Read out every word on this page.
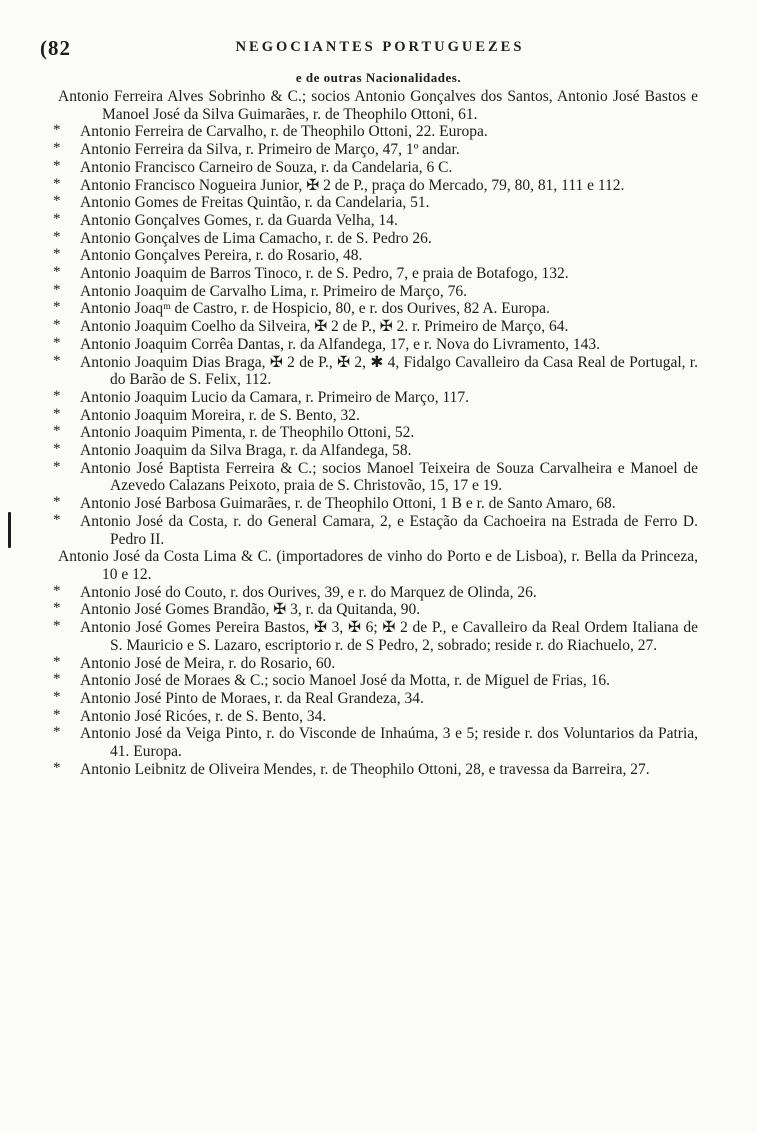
(82	NEGOCIANTES PORTUGUEZES
e de outras Nacionalidades.

Antonio Ferreira Alves Sobrinho & C.; socios Antonio Gonçalves dos Santos, Antonio José Bastos e Manoel José da Silva Guimarães, r. de Theophilo Ottoni, 61.

*	Antonio Ferreira de Carvalho, r. de Theophilo Ottoni, 22. Europa.

*	Antonio Ferreira da Silva, r. Primeiro de Março, 47, 1º andar.

*	Antonio Francisco Carneiro de Souza, r. da Candelaria, 6 C.

*	Antonio Francisco Nogueira Junior, ✠ 2 de P., praça do Mercado, 79, 80, 81, 111 e 112.

*	Antonio Gomes de Freitas Quintão, r. da Candelaria, 51.

*	Antonio Gonçalves Gomes, r. da Guarda Velha, 14.

*	Antonio Gonçalves de Lima Camacho, r. de S. Pedro 26.

*	Antonio Gonçalves Pereira, r. do Rosario, 48.

*	Antonio Joaquim de Barros Tinoco, r. de S. Pedro, 7, e praia de Botafogo, 132.

*	Antonio Joaquim de Carvalho Lima, r. Primeiro de Março, 76.

*	Antonio Joaqᵐ de Castro, r. de Hospicio, 80, e r. dos Ourives, 82 A. Europa.

*	Antonio Joaquim Coelho da Silveira, ✠ 2 de P., ✠ 2. r. Primeiro de Março, 64.

*	Antonio Joaquim Corrêa Dantas, r. da Alfandega, 17, e r. Nova do Livramento, 143.

*	Antonio Joaquim Dias Braga, ✠ 2 de P., ✠ 2, ✱ 4, Fidalgo Cavalleiro da Casa Real de Portugal, r. do Barão de S. Felix, 112.

*	Antonio Joaquim Lucio da Camara, r. Primeiro de Março, 117.

*	Antonio Joaquim Moreira, r. de S. Bento, 32.

*	Antonio Joaquim Pimenta, r. de Theophilo Ottoni, 52.

*	Antonio Joaquim da Silva Braga, r. da Alfandega, 58.

*	Antonio José Baptista Ferreira & C.; socios Manoel Teixeira de Souza Carvalheira e Manoel de Azevedo Calazans Peixoto, praia de S. Christovão, 15, 17 e 19.

*	Antonio José Barbosa Guimarães, r. de Theophilo Ottoni, 1 B e r. de Santo Amaro, 68.

*	Antonio José da Costa, r. do General Camara, 2, e Estação da Cachoeira na Estrada de Ferro D. Pedro II.

Antonio José da Costa Lima & C. (importadores de vinho do Porto e de Lisboa), r. Bella da Princeza, 10 e 12.

*	Antonio José do Couto, r. dos Ourives, 39, e r. do Marquez de Olinda, 26.

*	Antonio José Gomes Brandão, ✠ 3, r. da Quitanda, 90.

*	Antonio José Gomes Pereira Bastos, ✠ 3, ✠ 6; ✠ 2 de P., e Cavalleiro da Real Ordem Italiana de S. Mauricio e S. Lazaro, escriptorio r. de S Pedro, 2, sobrado; reside r. do Riachuelo, 27.

*	Antonio José de Meira, r. do Rosario, 60.

*	Antonio José de Moraes & C.; socio Manoel José da Motta, r. de Miguel de Frias, 16.

*	Antonio José Pinto de Moraes, r. da Real Grandeza, 34.

*	Antonio José Ricóes, r. de S. Bento, 34.

*	Antonio José da Veiga Pinto, r. do Visconde de Inhaúma, 3 e 5; reside r. dos Voluntarios da Patria, 41. Europa.

*	Antonio Leibnitz de Oliveira Mendes, r. de Theophilo Ottoni, 28, e travessa da Barreira, 27.
